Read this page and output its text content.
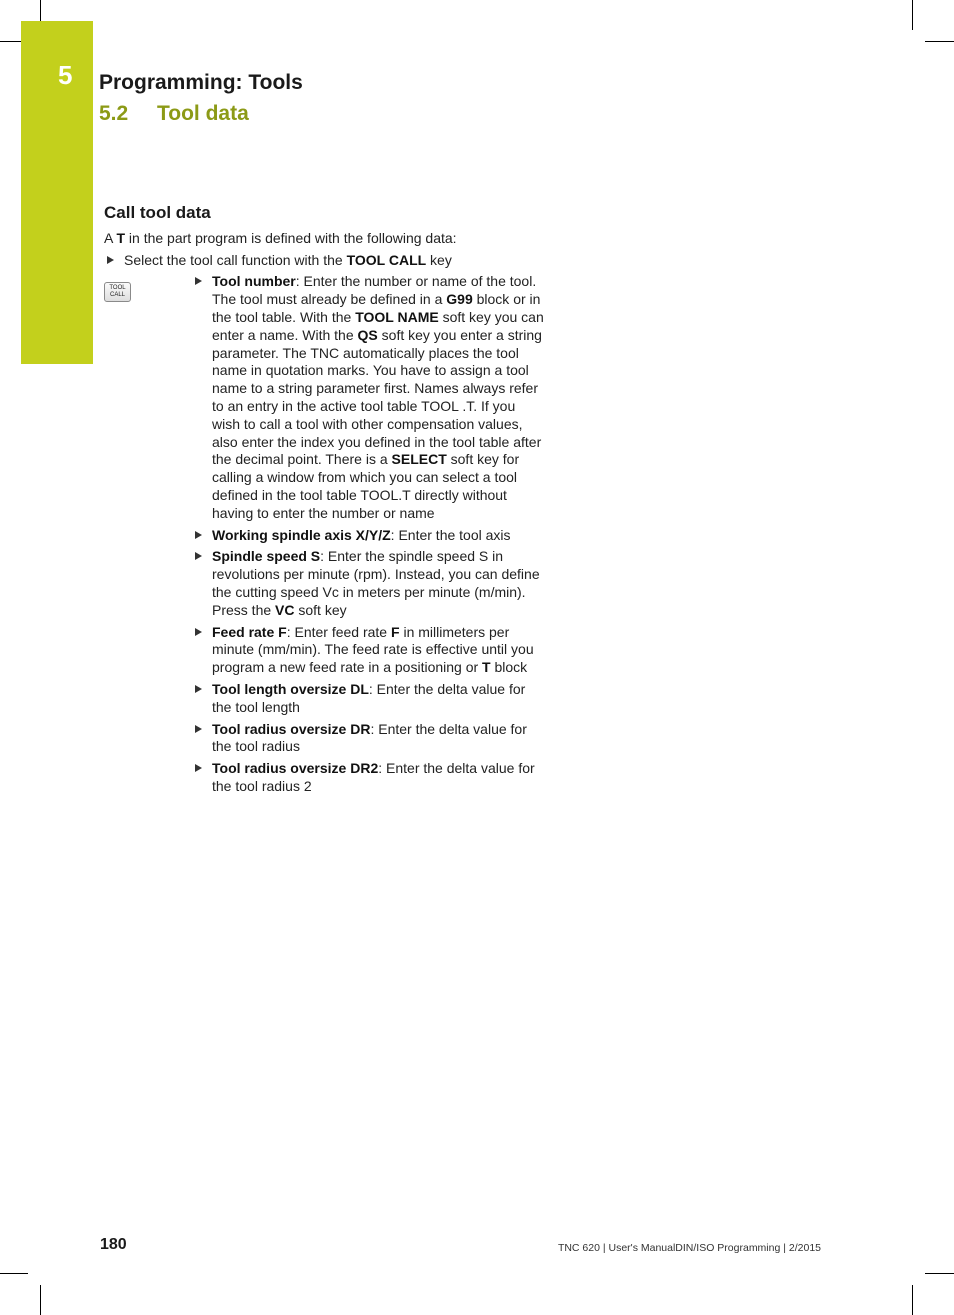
5 Programming: Tools
5.2 Tool data
Call tool data

A T in the part program is defined with the following data:

Select the tool call function with the TOOL CALL key

TOOL
CALL
Tool number: Enter the number or name of the tool. The tool must already be defined in a G99 block or in the tool table. With the TOOL NAME soft key you can enter a name. With the QS soft key you enter a string parameter. The TNC automatically places the tool name in quotation marks. You have to assign a tool name to a string parameter first. Names always refer to an entry in the active tool table TOOL .T. If you wish to call a tool with other compensation values, also enter the index you defined in the tool table after the decimal point. There is a SELECT soft key for calling a window from which you can select a tool defined in the tool table TOOL.T directly without having to enter the number or name
Working spindle axis X/Y/Z: Enter the tool axis
Spindle speed S: Enter the spindle speed S in revolutions per minute (rpm). Instead, you can define the cutting speed Vc in meters per minute (m/min). Press the VC soft key
Feed rate F: Enter feed rate F in millimeters per minute (mm/min). The feed rate is effective until you program a new feed rate in a positioning or T block
Tool length oversize DL: Enter the delta value for the tool length
Tool radius oversize DR: Enter the delta value for the tool radius
Tool radius oversize DR2: Enter the delta value for the tool radius 2
180	TNC 620 | User's ManualDIN/ISO Programming | 2/2015
